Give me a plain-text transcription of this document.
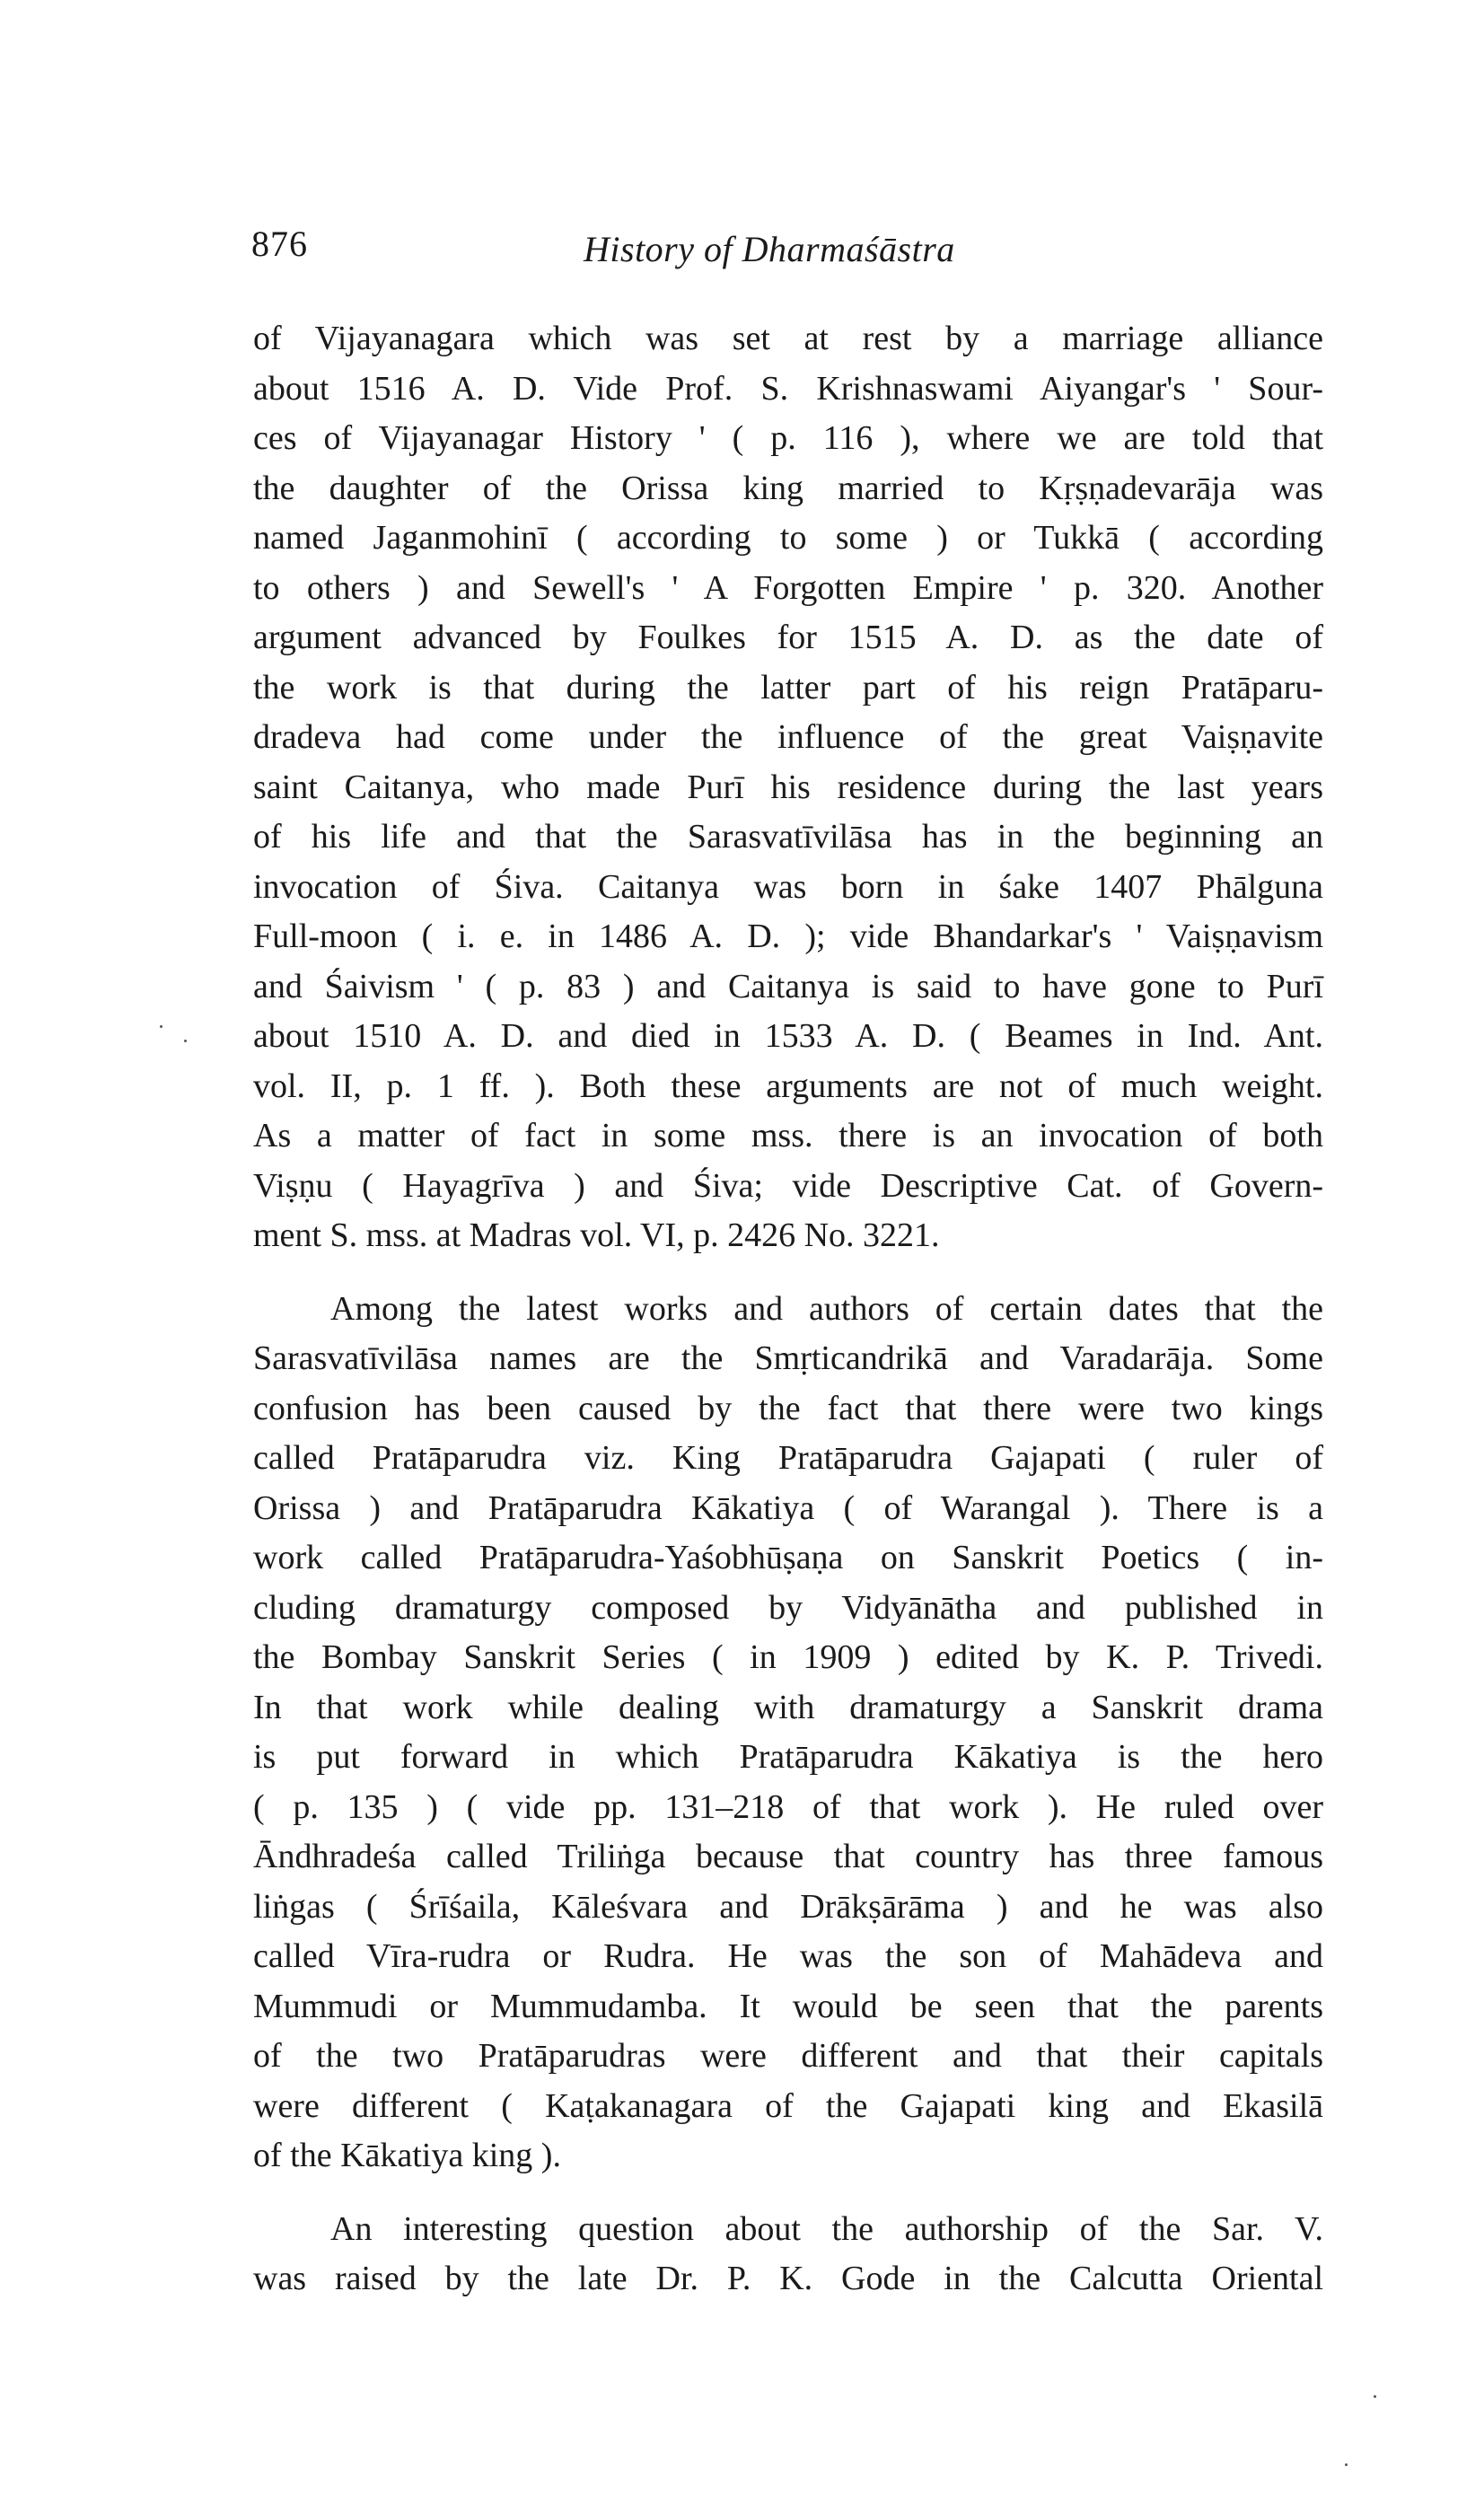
876	History of Dharmaśāstra

of Vijayanagara which was set at rest by a marriage alliance
about 1516 A. D. Vide Prof. S. Krishnaswami Aiyangar's ' Sour-
ces of Vijayanagar History ' ( p. 116 ), where we are told that
the daughter of the Orissa king married to Kṛṣṇadevarāja was
named Jaganmohinī ( according to some ) or Tukkā ( according
to others ) and Sewell's ' A Forgotten Empire ' p. 320. Another
argument advanced by Foulkes for 1515 A. D. as the date of
the work is that during the latter part of his reign Pratāparu-
dradeva had come under the influence of the great Vaiṣṇavite
saint Caitanya, who made Purī his residence during the last years
of his life and that the Sarasvatīvilāsa has in the beginning an
invocation of Śiva. Caitanya was born in śake 1407 Phālguna
Full-moon ( i. e. in 1486 A. D. ); vide Bhandarkar's ' Vaiṣṇavism
and Śaivism ' ( p. 83 ) and Caitanya is said to have gone to Purī
about 1510 A. D. and died in 1533 A. D. ( Beames in Ind. Ant.
vol. II, p. 1 ff. ). Both these arguments are not of much weight.
As a matter of fact in some mss. there is an invocation of both
Viṣṇu ( Hayagrīva ) and Śiva; vide Descriptive Cat. of Govern-
ment S. mss. at Madras vol. VI, p. 2426 No. 3221.

Among the latest works and authors of certain dates that the
Sarasvatīvilāsa names are the Smṛticandrikā and Varadarāja. Some
confusion has been caused by the fact that there were two kings
called Pratāparudra viz. King Pratāparudra Gajapati ( ruler of
Orissa ) and Pratāparudra Kākatiya ( of Warangal ). There is a
work called Pratāparudra-Yaśobhūṣaṇa on Sanskrit Poetics ( in-
cluding dramaturgy composed by Vidyānātha and published in
the Bombay Sanskrit Series ( in 1909 ) edited by K. P. Trivedi.
In that work while dealing with dramaturgy a Sanskrit drama
is put forward in which Pratāparudra Kākatiya is the hero
( p. 135 ) ( vide pp. 131–218 of that work ). He ruled over
Āndhradeśa called Triliṅga because that country has three famous
liṅgas ( Śrīśaila, Kāleśvara and Drākṣārāma ) and he was also
called Vīra-rudra or Rudra. He was the son of Mahādeva and
Mummudi or Mummudamba. It would be seen that the parents
of the two Pratāparudras were different and that their capitals
were different ( Kaṭakanagara of the Gajapati king and Ekasilā
of the Kākatiya king ).

An interesting question about the authorship of the Sar. V.
was raised by the late Dr. P. K. Gode in the Calcutta Oriental
